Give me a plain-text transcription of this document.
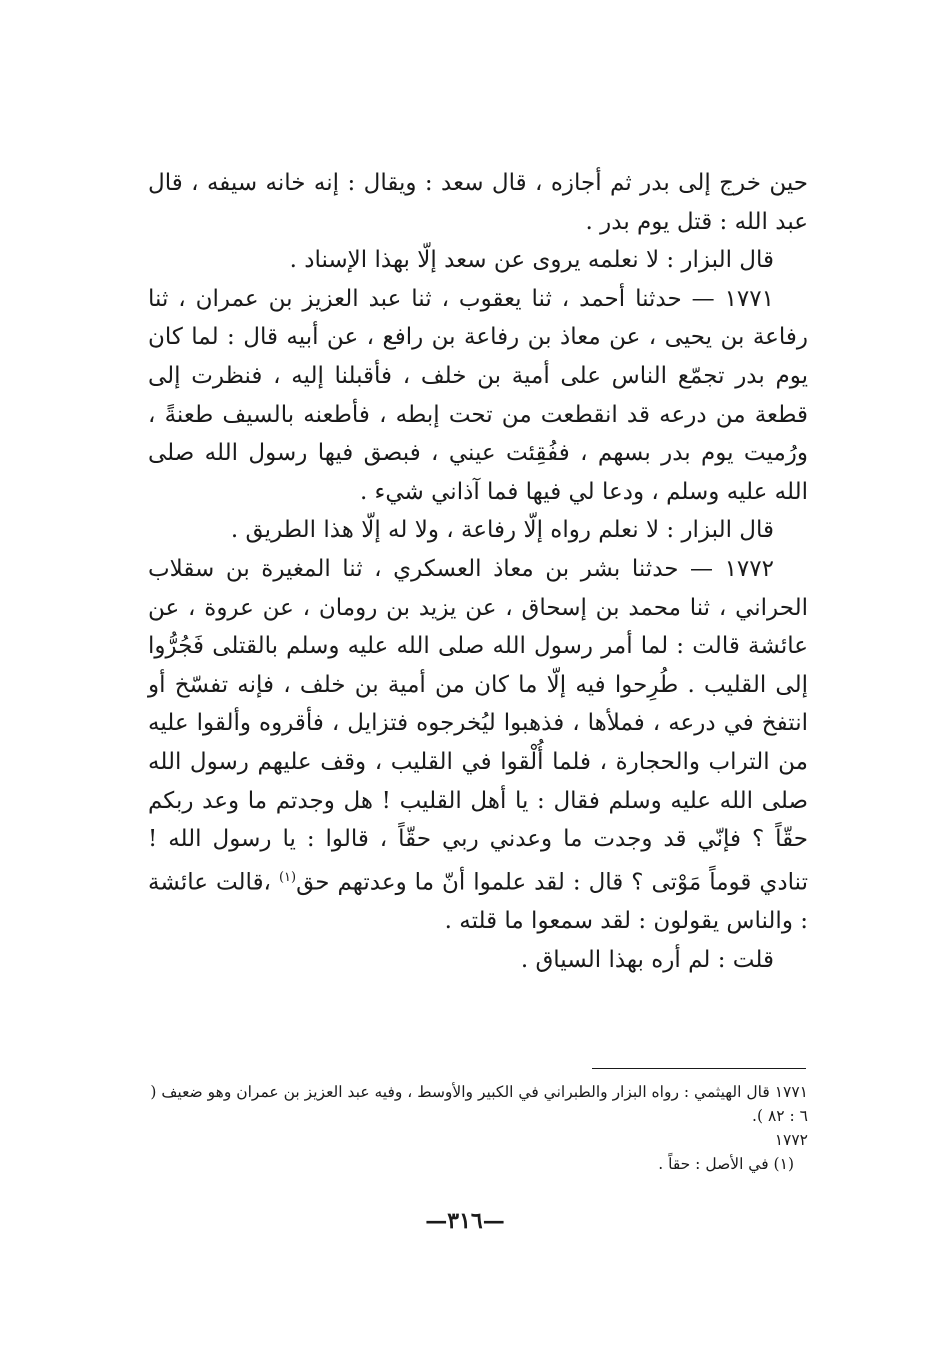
حين خرج إلى بدر ثم أجازه ، قال سعد : ويقال : إنه خانه سيفه ، قال عبد الله : قتل يوم بدر .

قال البزار : لا نعلمه يروى عن سعد إلّا بهذا الإسناد .

١٧٧١ — حدثنا أحمد ، ثنا يعقوب ، ثنا عبد العزيز بن عمران ، ثنا رفاعة بن يحيى ، عن معاذ بن رفاعة بن رافع ، عن أبيه قال : لما كان يوم بدر تجمّع الناس على أمية بن خلف ، فأقبلنا إليه ، فنظرت إلى قطعة من درعه قد انقطعت من تحت إبطه ، فأطعنه بالسيف طعنةً ، ورُميت يوم بدر بسهم ، ففُقِئت عيني ، فبصق فيها رسول الله صلى الله عليه وسلم ، ودعا لي فيها فما آذاني شيء .

قال البزار : لا نعلم رواه إلّا رفاعة ، ولا له إلّا هذا الطريق .

١٧٧٢ — حدثنا بشر بن معاذ العسكري ، ثنا المغيرة بن سقلاب الحراني ، ثنا محمد بن إسحاق ، عن يزيد بن رومان ، عن عروة ، عن عائشة قالت : لما أمر رسول الله صلى الله عليه وسلم بالقتلى فَجُرُّوا إلى القليب . طُرِحوا فيه إلّا ما كان من أمية بن خلف ، فإنه تفسّخ أو انتفخ في درعه ، فملأها ، فذهبوا ليُخرجوه فتزايل ، فأقروه وألقوا عليه من التراب والحجارة ، فلما أُلْقوا في القليب ، وقف عليهم رسول الله صلى الله عليه وسلم فقال : يا أهل القليب ! هل وجدتم ما وعد ربكم حقّاً ؟ فإنّي قد وجدت ما وعدني ربي حقّاً ، قالوا : يا رسول الله ! تنادي قوماً مَوْتى ؟ قال : لقد علموا أنّ ما وعدتهم حق$^{(١)}$ ،قالت عائشة : والناس يقولون : لقد سمعوا ما قلته .

قلت : لم أره بهذا السياق .

١٧٧١ قال الهيثمي : رواه البزار والطبراني في الكبير والأوسط ، وفيه عبد العزيز بن عمران وهو ضعيف ( ٦ : ٨٢ ).

١٧٧٢

(١) في الأصل : حقاً .

—٣١٦—
